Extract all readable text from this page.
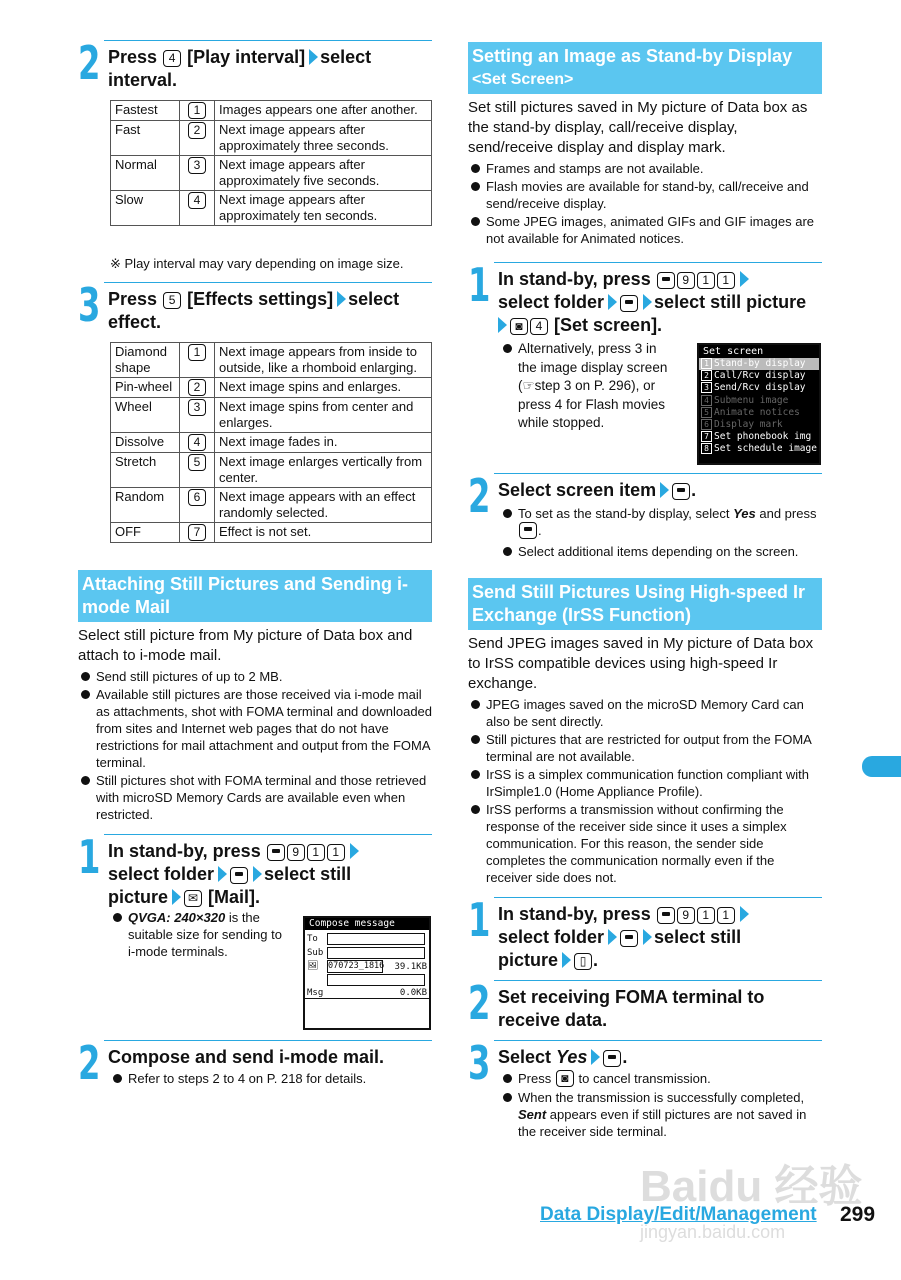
2 Press 4 [Play interval] select
interval.
Fastest	1	Images appears one after another.
Fast	2	Next image appears after approximately three seconds.
Normal	3	Next image appears after approximately five seconds.
Slow	4	Next image appears after approximately ten seconds.
※ Play interval may vary depending on image size.
3 Press 5 [Effects settings] select
effect.
Diamond shape	1	Next image appears from inside to outside, like a rhomboid enlarging.
Pin-wheel	2	Next image spins and enlarges.
Wheel	3	Next image spins from center and enlarges.
Dissolve	4	Next image fades in.
Stretch	5	Next image enlarges vertically from center.
Random	6	Next image appears with an effect randomly selected.
OFF	7	Effect is not set.
Attaching Still Pictures and Sending i-mode Mail
Select still picture from My picture of Data box and attach to i-mode mail.
Send still pictures of up to 2 MB.
Available still pictures are those received via i-mode mail as attachments, shot with FOMA terminal and downloaded from sites and Internet web pages that do not have restrictions for mail attachment and output from the FOMA terminal.
Still pictures shot with FOMA terminal and those retrieved with microSD Memory Cards are available even when restricted.
1 In stand-by, press	9 1 1
select folder	select still
picture ✉ [Mail].
QVGA: 240×320 is the suitable size for sending to i-mode terminals.
Compose message
To
Sub
🖼 070723_1816 39.1KB
Msg	0.0KB
2 Compose and send i-mode mail.
Refer to steps 2 to 4 on P. 218 for details.
Setting an Image as Stand-by Display
<Set Screen>
Set still pictures saved in My picture of Data box as the stand-by display, call/receive display, send/receive display and display mark.
Frames and stamps are not available.
Flash movies are available for stand-by, call/receive and send/receive display.
Some JPEG images, animated GIFs and GIF images are not available for Animated notices.
1 In stand-by, press	9 1 1
select folder	select still picture
◙ 4 [Set screen].
Alternatively, press 3 in the image display screen (☞step 3 on P. 296), or press 4 for Flash movies while stopped.
Set screen
1 Stand-by display
2 Call/Rcv display
3 Send/Rcv display
4 Submenu image
5 Animate notices
6 Display mark
7 Set phonebook img
8 Set schedule image
2 Select screen item .
To set as the stand-by display, select Yes and press .
Select additional items depending on the screen.
Send Still Pictures Using High-speed Ir Exchange (IrSS Function)
Send JPEG images saved in My picture of Data box to IrSS compatible devices using high-speed Ir exchange.
JPEG images saved on the microSD Memory Card can also be sent directly.
Still pictures that are restricted for output from the FOMA terminal are not available.
IrSS is a simplex communication function compliant with IrSimple1.0 (Home Appliance Profile).
IrSS performs a transmission without confirming the response of the receiver side since it uses a simplex communication. For this reason, the sender side completes the communication normally even if the receiver side does not.
1 In stand-by, press	9 1 1
select folder	select still
picture ▯ .
2 Set receiving FOMA terminal to receive data.
3 Select Yes .
Press ◙ to cancel transmission.
When the transmission is successfully completed, Sent appears even if still pictures are not saved in the receiver side terminal.
Baidu 经验
jingyan.baidu.com
Data Display/Edit/Management 299
